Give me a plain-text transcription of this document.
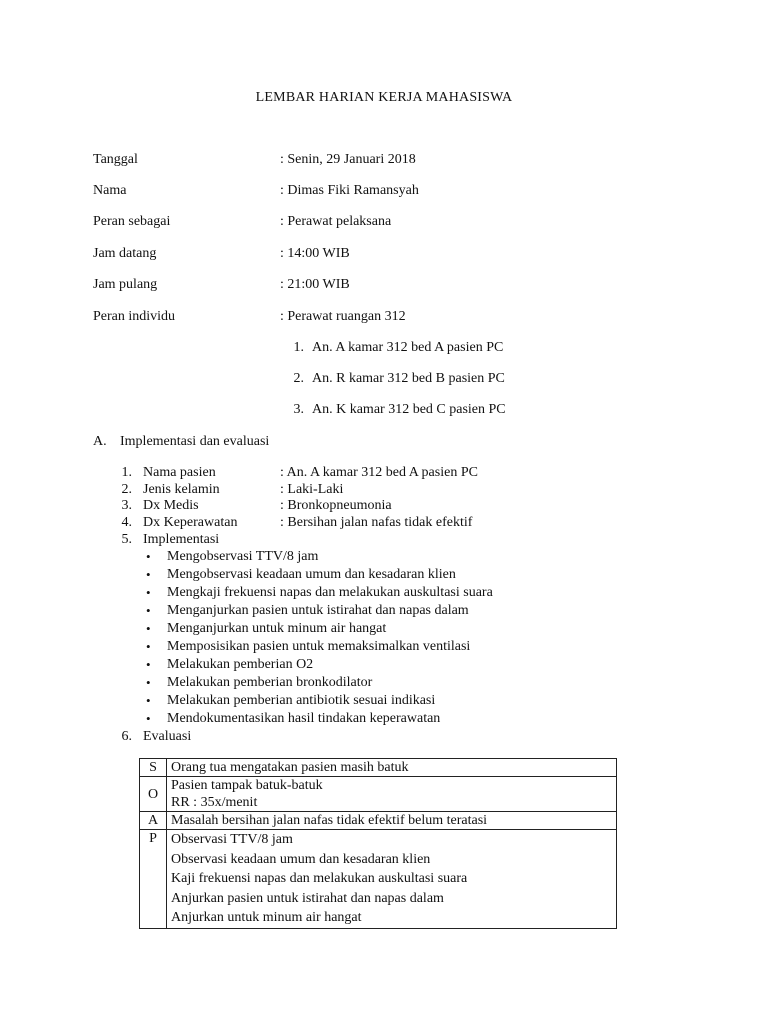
LEMBAR HARIAN KERJA MAHASISWA
Tanggal	: Senin, 29 Januari 2018
Nama	: Dimas Fiki Ramansyah
Peran sebagai	: Perawat pelaksana
Jam datang	: 14:00 WIB
Jam pulang	: 21:00 WIB
Peran individu	: Perawat ruangan 312
1. An. A kamar 312 bed A pasien PC
2. An. R kamar 312 bed B pasien PC
3. An. K kamar 312 bed C pasien PC
A. Implementasi dan evaluasi
1. Nama pasien	: An. A kamar 312 bed A pasien PC
2. Jenis kelamin	: Laki-Laki
3. Dx Medis	: Bronkopneumonia
4. Dx Keperawatan	: Bersihan jalan nafas tidak efektif
5. Implementasi
• Mengobservasi TTV/8 jam
• Mengobservasi keadaan umum dan kesadaran klien
• Mengkaji frekuensi napas dan melakukan auskultasi suara
• Menganjurkan pasien untuk istirahat dan napas dalam
• Menganjurkan untuk minum air hangat
• Memposisikan pasien untuk memaksimalkan ventilasi
• Melakukan pemberian O2
• Melakukan pemberian bronkodilator
• Melakukan pemberian antibiotik sesuai indikasi
• Mendokumentasikan hasil tindakan keperawatan
6. Evaluasi
S	Orang tua mengatakan pasien masih batuk

O	Pasien tampak batuk-batuk
RR : 35x/menit

A	Masalah bersihan jalan nafas tidak efektif belum teratasi

P	Observasi TTV/8 jam
Observasi keadaan umum dan kesadaran klien
Kaji frekuensi napas dan melakukan auskultasi suara
Anjurkan pasien untuk istirahat dan napas dalam
Anjurkan untuk minum air hangat
